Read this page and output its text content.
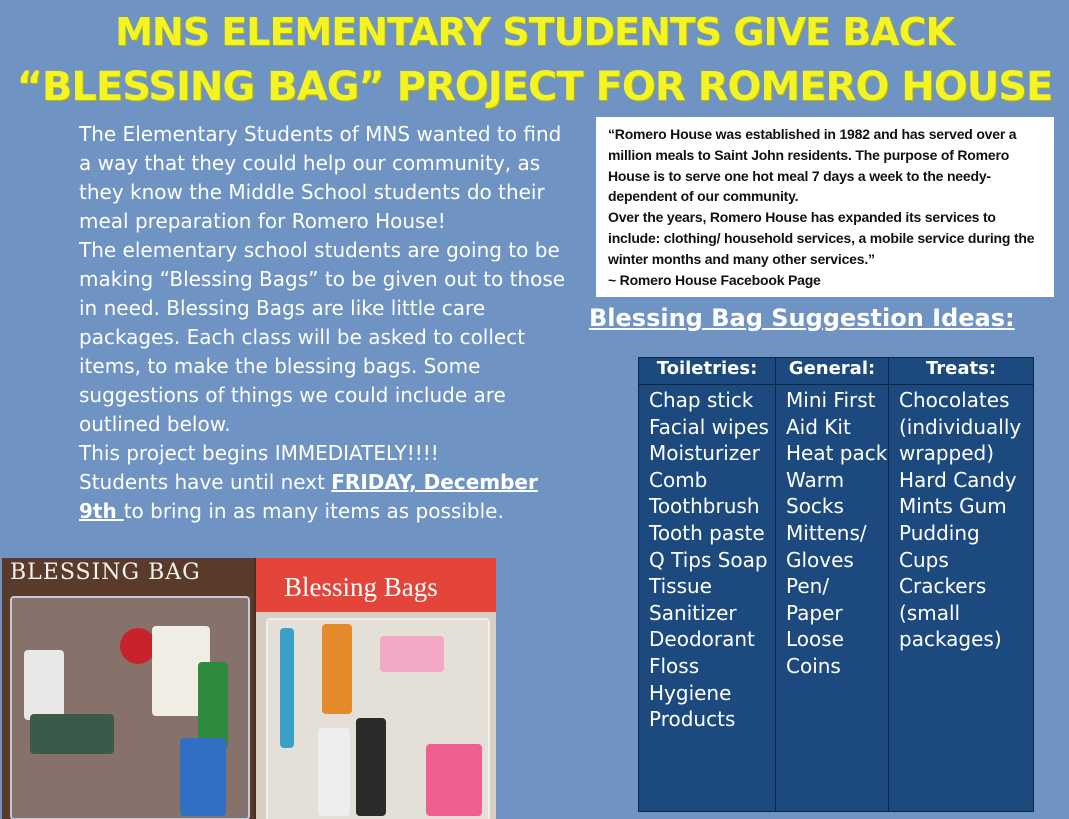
MNS ELEMENTARY STUDENTS GIVE BACK
“BLESSING BAG” PROJECT FOR ROMERO HOUSE

The Elementary Students of MNS wanted to find a way that they could help our community, as they know the Middle School students do their meal preparation for Romero House!

The elementary school students are going to be making “Blessing Bags” to be given out to those in need. Blessing Bags are like little care packages. Each class will be asked to collect items, to make the blessing bags. Some suggestions of things we could include are outlined below.

This project begins IMMEDIATELY!!!!

Students have until next FRIDAY, December 9th to bring in as many items as possible.

“Romero House was established in 1982 and has served over a million meals to Saint John residents. The purpose of Romero House is to serve one hot meal 7 days a week to the needy-dependent of our community.

Over the years, Romero House has expanded its services to include: clothing/ household services, a mobile service during the winter months and many other services.”

~ Romero House Facebook Page

Blessing Bag Suggestion Ideas:
Toiletries:	General:	Treats:
Chap stick Facial wipes Moisturizer Comb Toothbrush Tooth paste Q Tips Soap Tissue Sanitizer Deodorant Floss Hygiene Products	Mini First Aid Kit Heat pack Warm Socks Mittens/ Gloves Pen/ Paper Loose Coins	Chocolates (individually wrapped) Hard Candy Mints Gum Pudding Cups Crackers (small packages)
BLESSING BAG	Blessing Bags
